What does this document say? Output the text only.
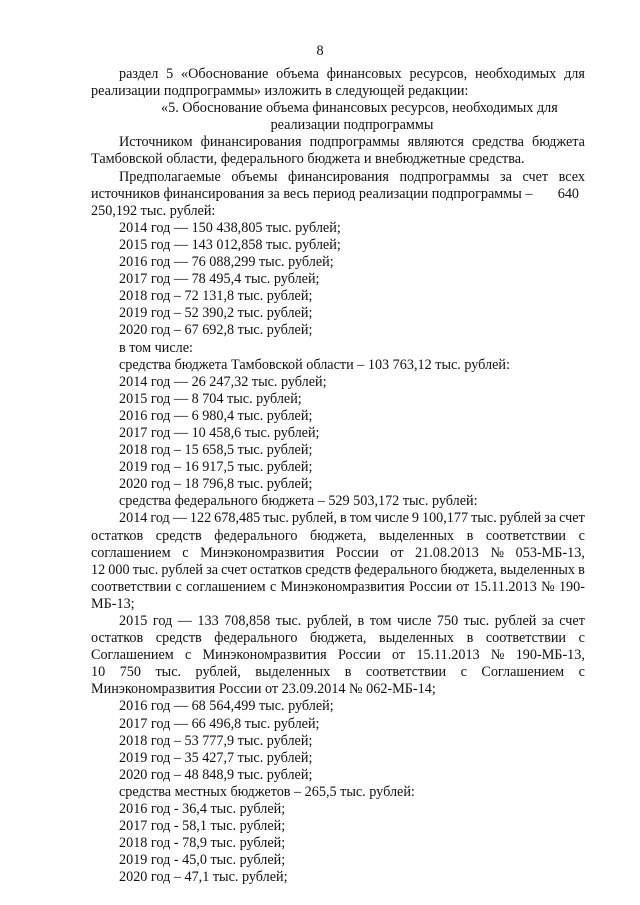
8
раздел 5 «Обоснование объема финансовых ресурсов, необходимых для
реализации подпрограммы» изложить в следующей редакции:
«5. Обоснование объема финансовых ресурсов, необходимых для
реализации подпрограммы
Источником финансирования подпрограммы являются средства бюджета
Тамбовской области, федерального бюджета и внебюджетные средства.
Предполагаемые объемы финансирования подпрограммы за счет всех
источников финансирования за весь период реализации подпрограммы – 640
250,192 тыс. рублей:
2014 год — 150 438,805 тыс. рублей;
2015 год — 143 012,858 тыс. рублей;
2016 год — 76 088,299 тыс. рублей;
2017 год — 78 495,4 тыс. рублей;
2018 год – 72 131,8 тыс. рублей;
2019 год – 52 390,2 тыс. рублей;
2020 год – 67 692,8 тыс. рублей;
в том числе:
средства бюджета Тамбовской области – 103 763,12 тыс. рублей:
2014 год — 26 247,32 тыс. рублей;
2015 год — 8 704 тыс. рублей;
2016 год — 6 980,4 тыс. рублей;
2017 год — 10 458,6 тыс. рублей;
2018 год – 15 658,5 тыс. рублей;
2019 год – 16 917,5 тыс. рублей;
2020 год – 18 796,8 тыс. рублей;
средства федерального бюджета – 529 503,172 тыс. рублей:
2014 год — 122 678,485 тыс. рублей, в том числе 9 100,177 тыс. рублей за счет
остатков средств федерального бюджета, выделенных в соответствии с
соглашением с Минэкономразвития России от 21.08.2013 № 053-МБ-13,
12 000 тыс. рублей за счет остатков средств федерального бюджета, выделенных в
соответствии с соглашением с Минэкономразвития России от 15.11.2013 № 190-
МБ-13;
2015 год — 133 708,858 тыс. рублей, в том числе 750 тыс. рублей за счет
остатков средств федерального бюджета, выделенных в соответствии с
Соглашением с Минэкономразвития России от 15.11.2013 № 190-МБ-13,
10 750 тыс. рублей, выделенных в соответствии с Соглашением с
Минэкономразвития России от 23.09.2014 № 062-МБ-14;
2016 год — 68 564,499 тыс. рублей;
2017 год — 66 496,8 тыс. рублей;
2018 год – 53 777,9 тыс. рублей;
2019 год – 35 427,7 тыс. рублей;
2020 год – 48 848,9 тыс. рублей;
средства местных бюджетов – 265,5 тыс. рублей:
2016 год - 36,4 тыс. рублей;
2017 год - 58,1 тыс. рублей;
2018 год - 78,9 тыс. рублей;
2019 год - 45,0 тыс. рублей;
2020 год – 47,1 тыс. рублей;
